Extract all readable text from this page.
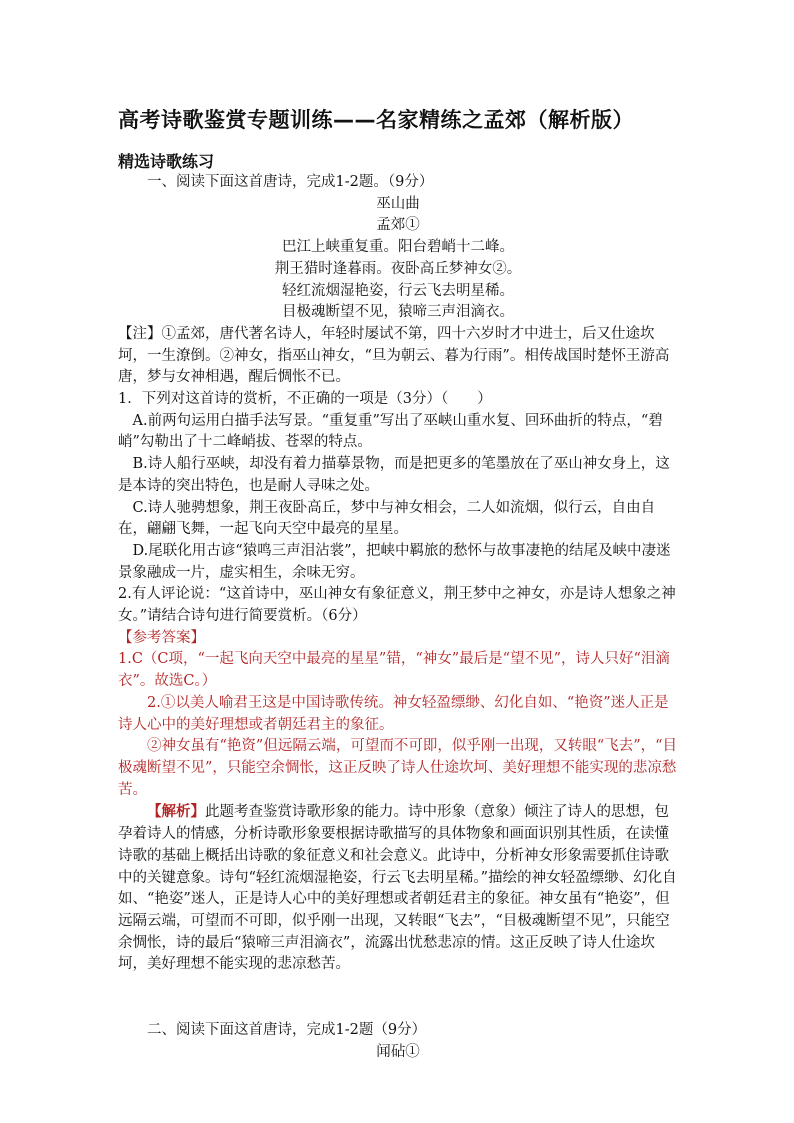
高考诗歌鉴赏专题训练——名家精练之孟郊（解析版）
精选诗歌练习

一、阅读下面这首唐诗，完成1-2题。（9分）

巫山曲

孟郊①

巴江上峡重复重。阳台碧峭十二峰。

荆王猎时逢暮雨。夜卧高丘梦神女②。

轻红流烟湿艳姿，行云飞去明星稀。

目极魂断望不见，猿啼三声泪滴衣。

【注】①孟郊，唐代著名诗人，年轻时屡试不第，四十六岁时才中进士，后又仕途坎坷，一生潦倒。②神女，指巫山神女，“旦为朝云、暮为行雨”。相传战国时楚怀王游高唐，梦与女神相遇，醒后惆怅不已。

1．下列对这首诗的赏析，不正确的一项是（3分）（　　）

A.前两句运用白描手法写景。“重复重”写出了巫峡山重水复、回环曲折的特点，“碧峭”勾勒出了十二峰峭拔、苍翠的特点。

B.诗人船行巫峡，却没有着力描摹景物，而是把更多的笔墨放在了巫山神女身上，这是本诗的突出特色，也是耐人寻味之处。

C.诗人驰骋想象，荆王夜卧高丘，梦中与神女相会，二人如流烟，似行云，自由自在，翩翩飞舞，一起飞向天空中最亮的星星。

D.尾联化用古谚“猿鸣三声泪沾裳”，把峡中羁旅的愁怀与故事凄艳的结尾及峡中凄迷景象融成一片，虚实相生，余味无穷。

2.有人评论说：“这首诗中，巫山神女有象征意义，荆王梦中之神女，亦是诗人想象之神女。”请结合诗句进行简要赏析。（6分）

【参考答案】

1.C（C项，“一起飞向天空中最亮的星星”错，“神女”最后是“望不见”，诗人只好“泪滴衣”。故选C。）

2.①以美人喻君王这是中国诗歌传统。神女轻盈缥缈、幻化自如、“艳资”迷人正是诗人心中的美好理想或者朝廷君主的象征。

②神女虽有“艳资”但远隔云端，可望而不可即，似乎刚一出现，又转眼“飞去”，“目极魂断望不见”，只能空余惆怅，这正反映了诗人仕途坎坷、美好理想不能实现的悲凉愁苦。

【解析】此题考查鉴赏诗歌形象的能力。诗中形象（意象）倾注了诗人的思想，包孕着诗人的情感，分析诗歌形象要根据诗歌描写的具体物象和画面识别其性质，在读懂诗歌的基础上概括出诗歌的象征意义和社会意义。此诗中，分析神女形象需要抓住诗歌中的关键意象。诗句“轻红流烟湿艳姿，行云飞去明星稀。”描绘的神女轻盈缥缈、幻化自如、“艳姿”迷人，正是诗人心中的美好理想或者朝廷君主的象征。神女虽有“艳姿”，但远隔云端，可望而不可即，似乎刚一出现，又转眼“飞去”，“目极魂断望不见”，只能空余惆怅，诗的最后“猿啼三声泪滴衣”，流露出忧愁悲凉的情。这正反映了诗人仕途坎坷，美好理想不能实现的悲凉愁苦。

二、阅读下面这首唐诗，完成1-2题（9分）

闻砧①
